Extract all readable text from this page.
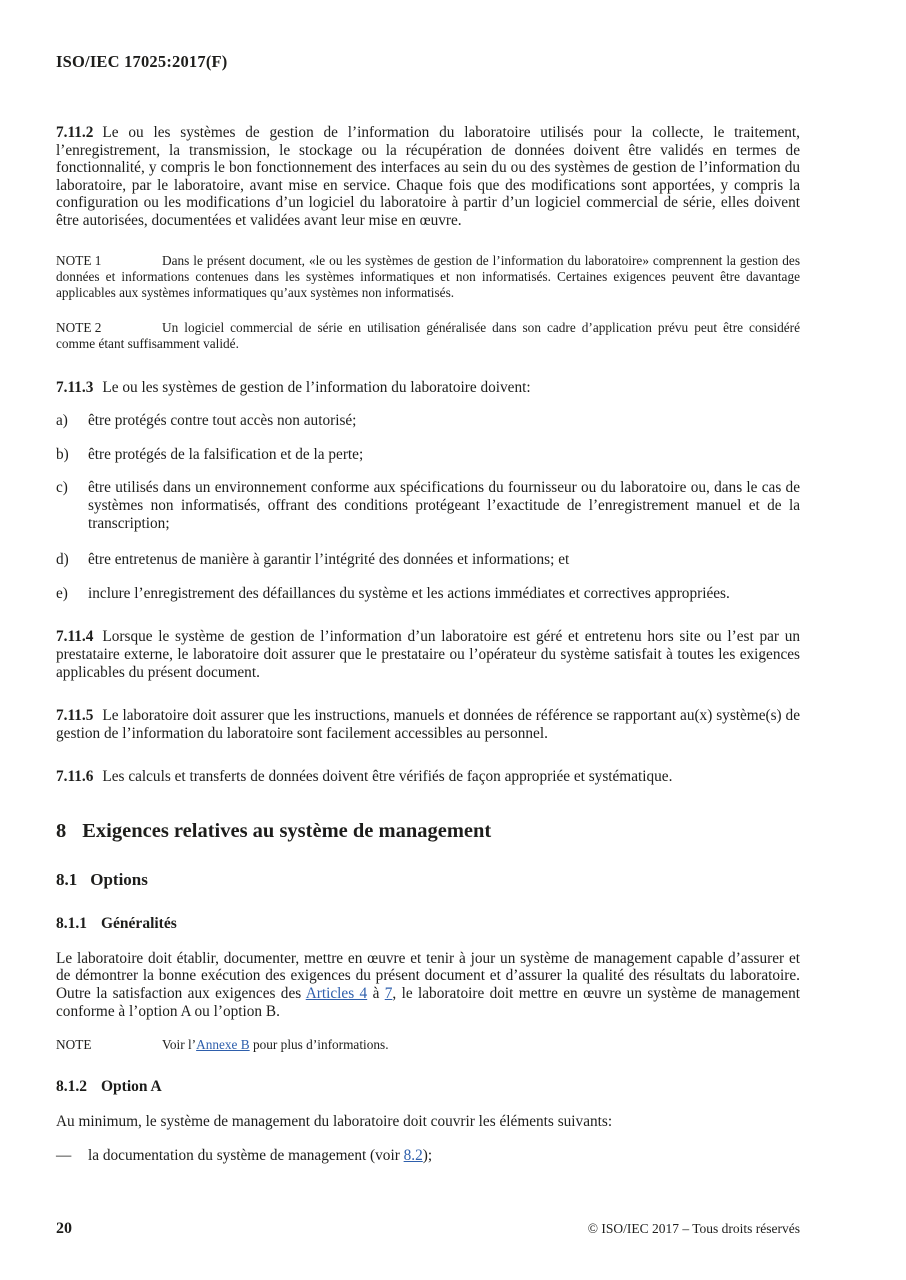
ISO/IEC 17025:2017(F)

7.11.2 Le ou les systèmes de gestion de l’information du laboratoire utilisés pour la collecte, le traitement, l’enregistrement, la transmission, le stockage ou la récupération de données doivent être validés en termes de fonctionnalité, y compris le bon fonctionnement des interfaces au sein du ou des systèmes de gestion de l’information du laboratoire, par le laboratoire, avant mise en service. Chaque fois que des modifications sont apportées, y compris la configuration ou les modifications d’un logiciel du laboratoire à partir d’un logiciel commercial de série, elles doivent être autorisées, documentées et validées avant leur mise en œuvre.

NOTE 1	Dans le présent document, «le ou les systèmes de gestion de l’information du laboratoire» comprennent la gestion des données et informations contenues dans les systèmes informatiques et non informatisés. Certaines exigences peuvent être davantage applicables aux systèmes informatiques qu’aux systèmes non informatisés.

NOTE 2	Un logiciel commercial de série en utilisation généralisée dans son cadre d’application prévu peut être considéré comme étant suffisamment validé.

7.11.3 Le ou les systèmes de gestion de l’information du laboratoire doivent:

a) être protégés contre tout accès non autorisé;
b) être protégés de la falsification et de la perte;
c) être utilisés dans un environnement conforme aux spécifications du fournisseur ou du laboratoire ou, dans le cas de systèmes non informatisés, offrant des conditions protégeant l’exactitude de l’enregistrement manuel et de la transcription;
d) être entretenus de manière à garantir l’intégrité des données et informations; et
e) inclure l’enregistrement des défaillances du système et les actions immédiates et correctives appropriées.

7.11.4 Lorsque le système de gestion de l’information d’un laboratoire est géré et entretenu hors site ou l’est par un prestataire externe, le laboratoire doit assurer que le prestataire ou l’opérateur du système satisfait à toutes les exigences applicables du présent document.

7.11.5 Le laboratoire doit assurer que les instructions, manuels et données de référence se rapportant au(x) système(s) de gestion de l’information du laboratoire sont facilement accessibles au personnel.

7.11.6 Les calculs et transferts de données doivent être vérifiés de façon appropriée et systématique.

8 Exigences relatives au système de management
8.1 Options
8.1.1 Généralités

Le laboratoire doit établir, documenter, mettre en œuvre et tenir à jour un système de management capable d’assurer et de démontrer la bonne exécution des exigences du présent document et d’assurer la qualité des résultats du laboratoire. Outre la satisfaction aux exigences des Articles 4 à 7, le laboratoire doit mettre en œuvre un système de management conforme à l’option A ou l’option B.

NOTE	Voir l’Annexe B pour plus d’informations.

8.1.2 Option A

Au minimum, le système de management du laboratoire doit couvrir les éléments suivants:

— la documentation du système de management (voir 8.2);
20	© ISO/IEC 2017 – Tous droits réservés
